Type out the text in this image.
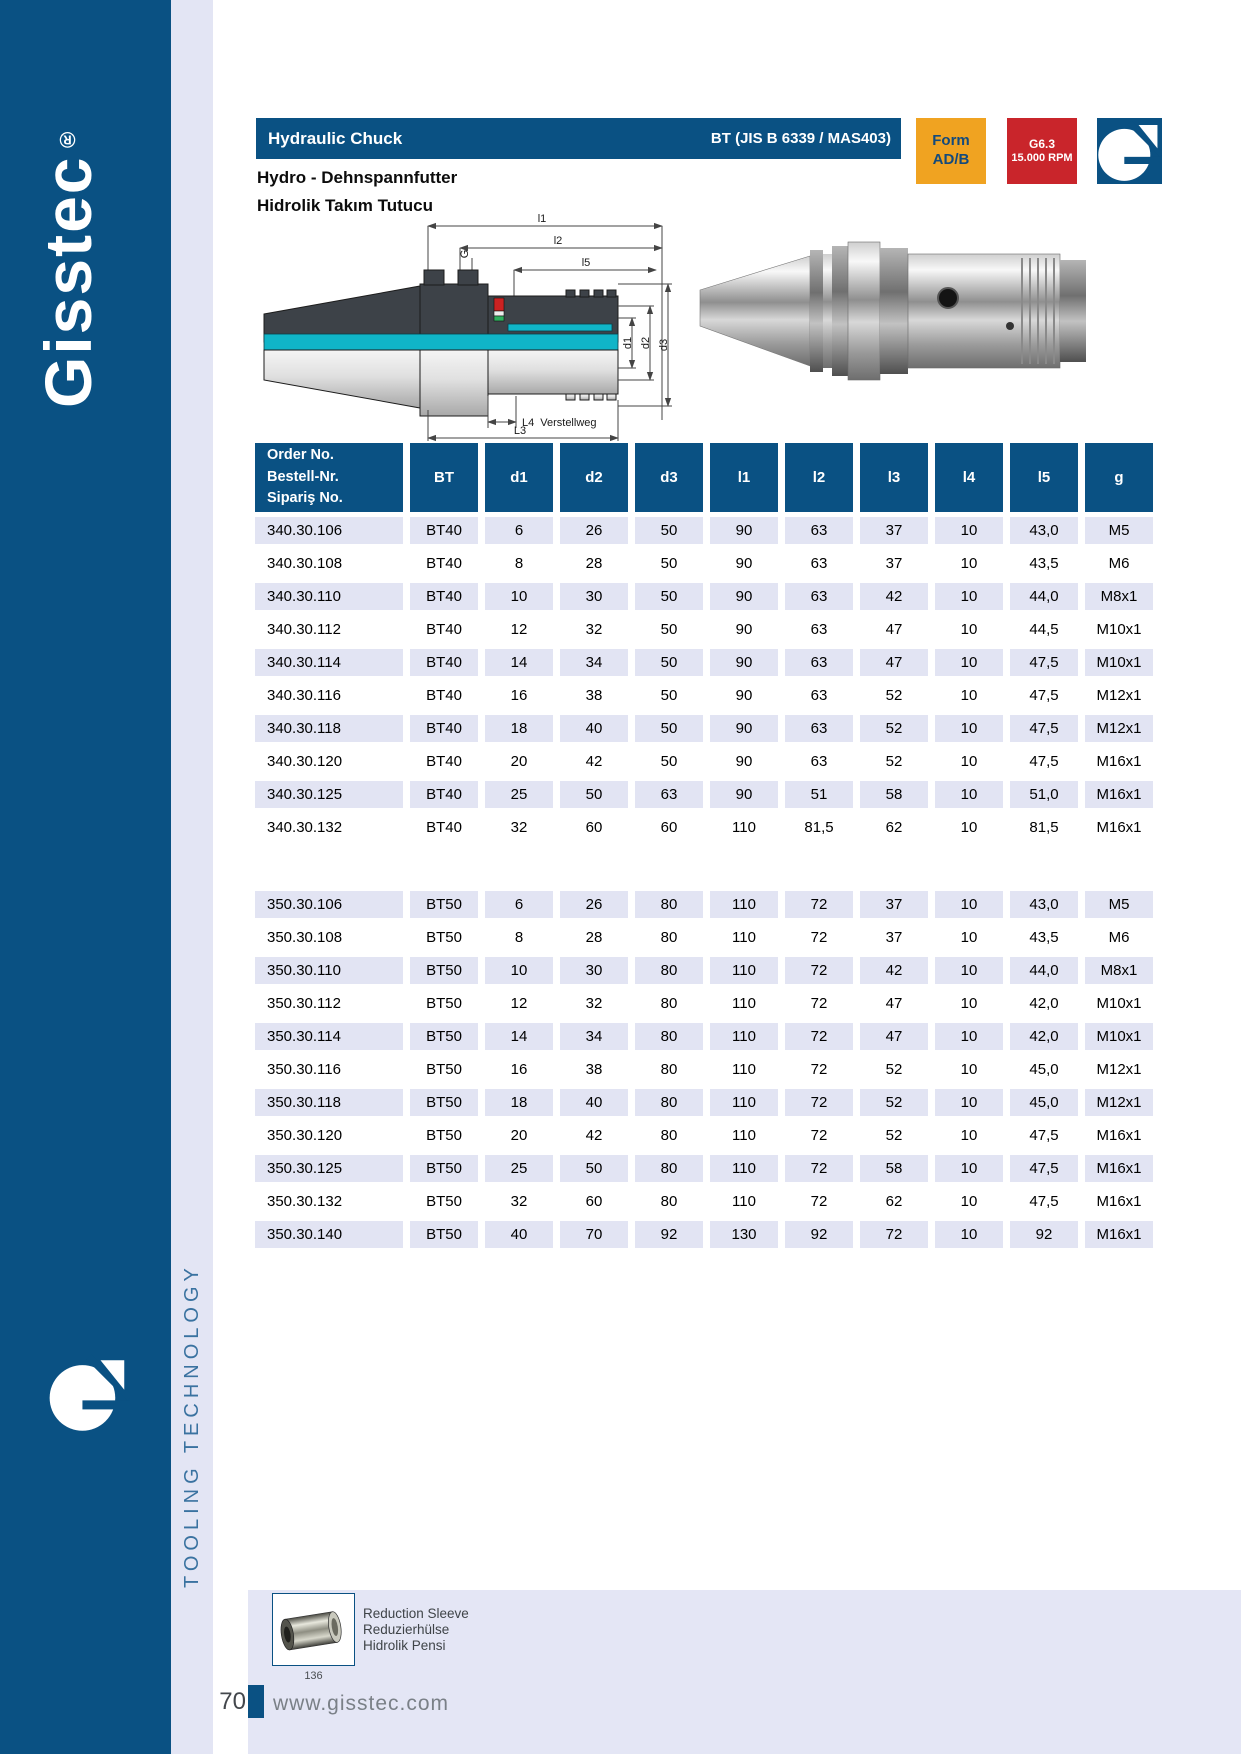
Gisstec
®
TOOLING TECHNOLOGY
Hydraulic Chuck	BT (JIS B 6339 / MAS403)	Form
AD/B
G6.3
15.000 RPM
Hydro - Dehnspannfutter
Hidrolik Takım Tutucu
l1
l2
l5
G
d1 d2 d3
L4 Verstellweg
L3
Order No.
Bestell-Nr.
Sipariş No.
BT	d1	d2	d3	l1	l2	l3	l4	l5	g
340.30.106	BT40	6	26	50	90	63	37	10	43,0	M5
340.30.108	BT40	8	28	50	90	63	37	10	43,5	M6
340.30.110	BT40	10	30	50	90	63	42	10	44,0	M8x1
340.30.112	BT40	12	32	50	90	63	47	10	44,5	M10x1
340.30.114	BT40	14	34	50	90	63	47	10	47,5	M10x1
340.30.116	BT40	16	38	50	90	63	52	10	47,5	M12x1
340.30.118	BT40	18	40	50	90	63	52	10	47,5	M12x1
340.30.120	BT40	20	42	50	90	63	52	10	47,5	M16x1
340.30.125	BT40	25	50	63	90	51	58	10	51,0	M16x1
340.30.132	BT40	32	60	60	110	81,5	62	10	81,5	M16x1
350.30.106	BT50	6	26	80	110	72	37	10	43,0	M5
350.30.108	BT50	8	28	80	110	72	37	10	43,5	M6
350.30.110	BT50	10	30	80	110	72	42	10	44,0	M8x1
350.30.112	BT50	12	32	80	110	72	47	10	42,0	M10x1
350.30.114	BT50	14	34	80	110	72	47	10	42,0	M10x1
350.30.116	BT50	16	38	80	110	72	52	10	45,0	M12x1
350.30.118	BT50	18	40	80	110	72	52	10	45,0	M12x1
350.30.120	BT50	20	42	80	110	72	52	10	47,5	M16x1
350.30.125	BT50	25	50	80	110	72	58	10	47,5	M16x1
350.30.132	BT50	32	60	80	110	72	62	10	47,5	M16x1
350.30.140	BT50	40	70	92	130	92	72	10	92	M16x1
136
Reduction Sleeve
Reduzierhülse
Hidrolik Pensi
70 www.gisstec.com
